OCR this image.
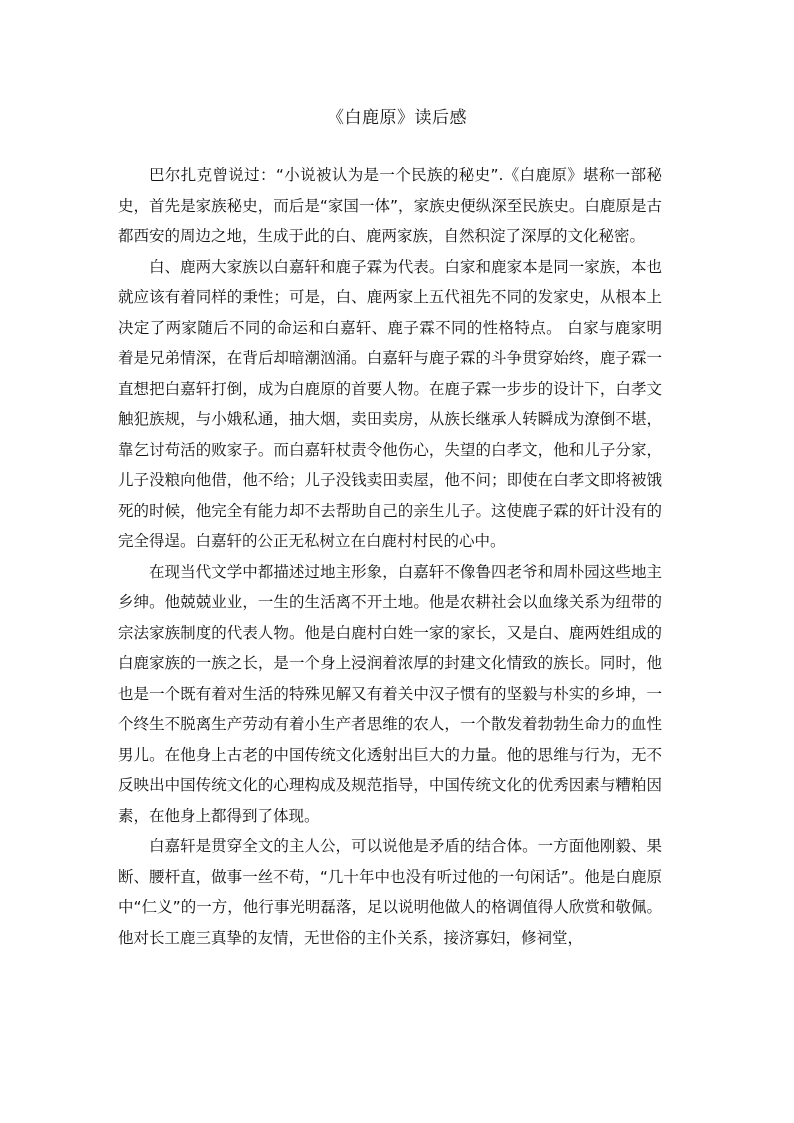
《白鹿原》读后感

巴尔扎克曾说过：“小说被认为是一个民族的秘史”.《白鹿原》堪称一部秘史，首先是家族秘史，而后是“家国一体”，家族史便纵深至民族史。白鹿原是古都西安的周边之地，生成于此的白、鹿两家族，自然积淀了深厚的文化秘密。

白、鹿两大家族以白嘉轩和鹿子霖为代表。白家和鹿家本是同一家族，本也就应该有着同样的秉性；可是，白、鹿两家上五代祖先不同的发家史，从根本上决定了两家随后不同的命运和白嘉轩、鹿子霖不同的性格特点。 白家与鹿家明着是兄弟情深，在背后却暗潮汹涌。白嘉轩与鹿子霖的斗争贯穿始终，鹿子霖一直想把白嘉轩打倒，成为白鹿原的首要人物。在鹿子霖一步步的设计下，白孝文触犯族规，与小娥私通，抽大烟，卖田卖房，从族长继承人转瞬成为潦倒不堪，靠乞讨苟活的败家子。而白嘉轩杖责令他伤心，失望的白孝文，他和儿子分家，儿子没粮向他借，他不给；儿子没钱卖田卖屋，他不问；即使在白孝文即将被饿死的时候，他完全有能力却不去帮助自己的亲生儿子。这使鹿子霖的奸计没有的完全得逞。白嘉轩的公正无私树立在白鹿村村民的心中。

在现当代文学中都描述过地主形象，白嘉轩不像鲁四老爷和周朴园这些地主乡绅。他兢兢业业，一生的生活离不开土地。他是农耕社会以血缘关系为纽带的宗法家族制度的代表人物。他是白鹿村白姓一家的家长，又是白、鹿两姓组成的白鹿家族的一族之长，是一个身上浸润着浓厚的封建文化情致的族长。同时，他也是一个既有着对生活的特殊见解又有着关中汉子惯有的坚毅与朴实的乡坤，一个终生不脱离生产劳动有着小生产者思维的农人，一个散发着勃勃生命力的血性男儿。在他身上古老的中国传统文化透射出巨大的力量。他的思维与行为，无不反映出中国传统文化的心理构成及规范指导，中国传统文化的优秀因素与糟粕因素，在他身上都得到了体现。

白嘉轩是贯穿全文的主人公，可以说他是矛盾的结合体。一方面他刚毅、果断、腰杆直，做事一丝不苟，“几十年中也没有听过他的一句闲话”。他是白鹿原中“仁义”的一方，他行事光明磊落，足以说明他做人的格调值得人欣赏和敬佩。他对长工鹿三真挚的友情，无世俗的主仆关系，接济寡妇，修祠堂，
